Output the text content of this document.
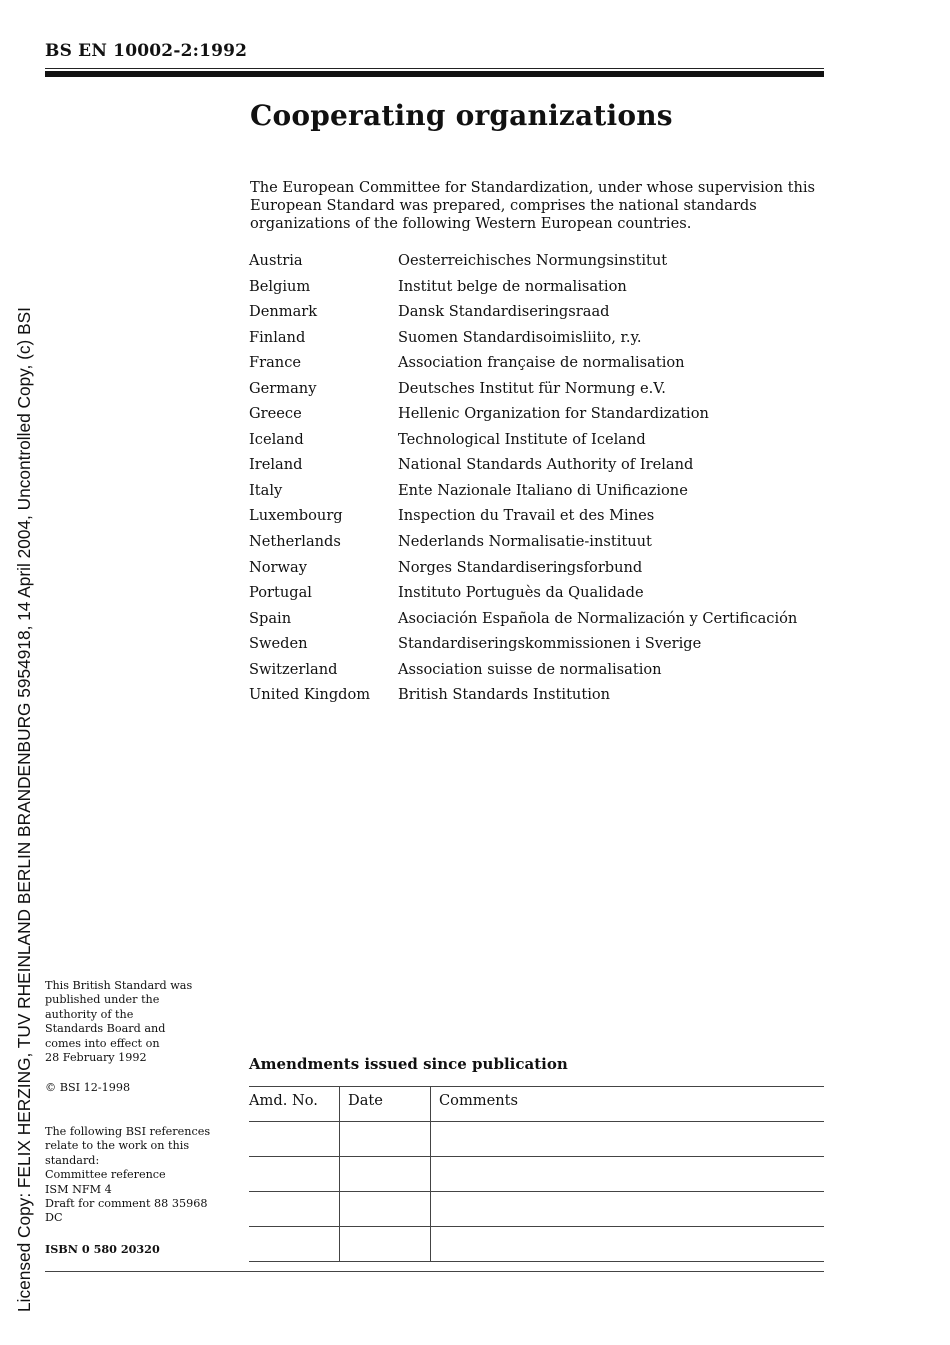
BS EN 10002-2:1992
Cooperating organizations
The European Committee for Standardization, under whose supervision this European Standard was prepared, comprises the national standards organizations of the following Western European countries.
Austria	Oesterreichisches Normungsinstitut
Belgium	Institut belge de normalisation
Denmark	Dansk Standardiseringsraad
Finland	Suomen Standardisoimisliito, r.y.
France	Association française de normalisation
Germany	Deutsches Institut für Normung e.V.
Greece	Hellenic Organization for Standardization
Iceland	Technological Institute of Iceland
Ireland	National Standards Authority of Ireland
Italy	Ente Nazionale Italiano di Unificazione
Luxembourg	Inspection du Travail et des Mines
Netherlands	Nederlands Normalisatie-instituut
Norway	Norges Standardiseringsforbund
Portugal	Instituto Portuguès da Qualidade
Spain	Asociación Española de Normalización y Certificación
Sweden	Standardiseringskommissionen i Sverige
Switzerland	Association suisse de normalisation
United Kingdom	British Standards Institution
Licensed Copy: FELIX HERZING, TUV RHEINLAND BERLIN BRANDENBURG 5954918, 14 April 2004, Uncontrolled Copy, (c) BSI This British Standard was
published under the
authority of the
Standards Board and
comes into effect on
28 February 1992
© BSI 12-1998
The following BSI references
relate to the work on this
standard:
Committee reference
ISM NFM 4
Draft for comment 88 35968 DC
ISBN 0 580 20320
Amendments issued since publication
Amd. No.	Date	Comments
